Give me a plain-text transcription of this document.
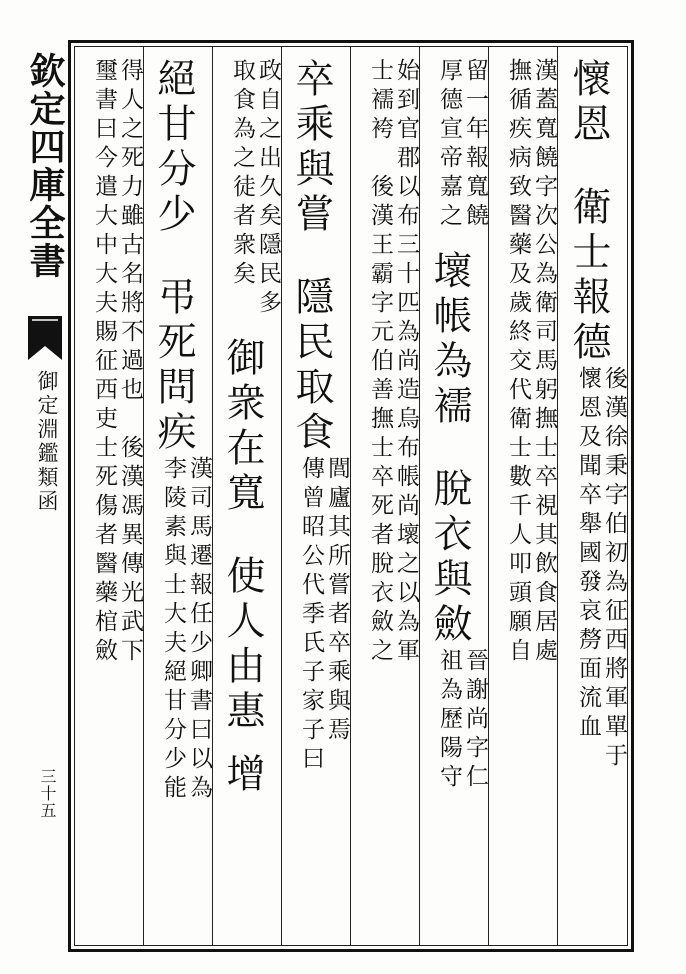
欽定四庫全書
御定淵鑑類函
三十五
懷恩衛士報德
後漢徐秉字伯初為征西將軍單于
懷恩及聞卒舉國發哀剺面流血
漢蓋寬饒字次公為衛司馬躬撫士卒視其飲食居處
撫循疾病致醫藥及歲終交代衛士數千人叩頭願自
留一年報寬饒
厚德宣帝嘉之
壞帳為襦脫衣與斂
晉謝尚字仁
祖為歷陽守
始到官郡以布三十匹為尚造烏布帳尚壞之以為軍
士襦袴　後漢王霸字元伯善撫士卒死者脫衣斂之
卒乘與嘗隱民取食
閭廬其所嘗者卒乘與焉
傳曾昭公代季氏子家子曰
政自之出久矣隱民多
取食為之徒者衆矣
御衆在寬使人由惠增
絕甘分少弔死問疾
漢司馬遷報任少卿書曰以為
李陵素與士大夫絕甘分少能
得人之死力雖古名將不過也　後漢馮異傳光武下
璽書曰今遣大中大夫賜征西吏士死傷者醫藥棺斂
